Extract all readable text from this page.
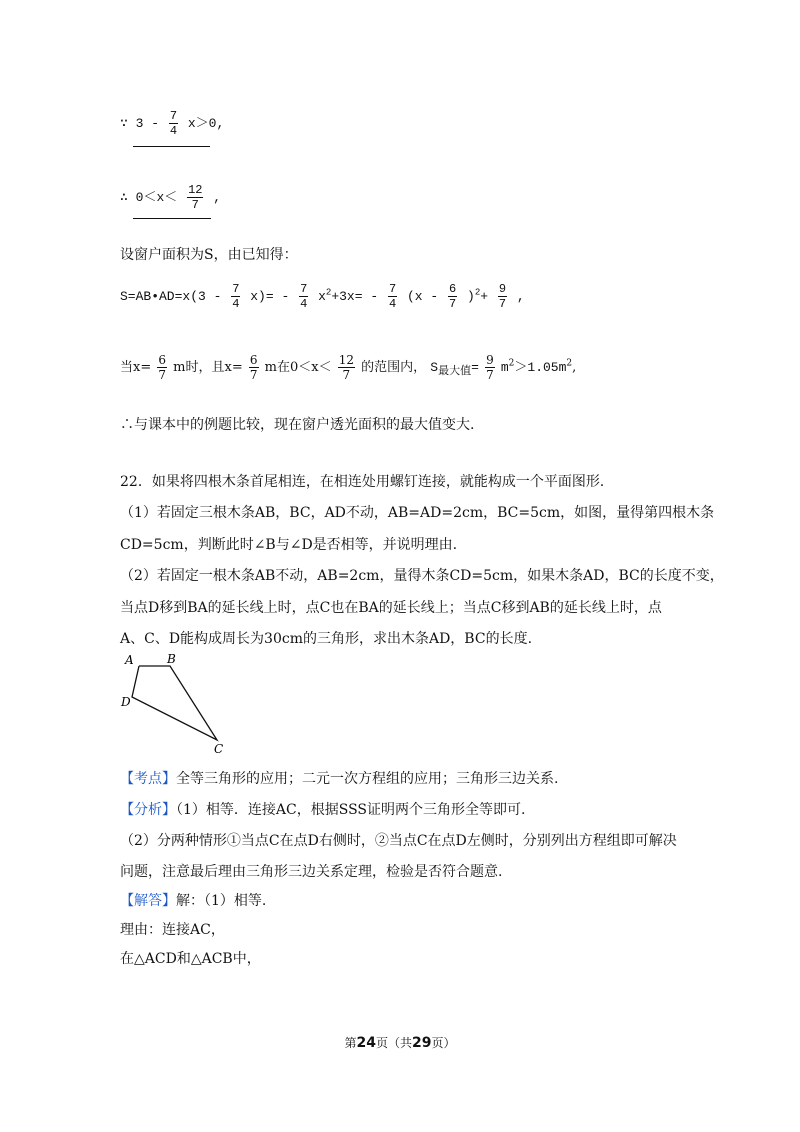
∵ $3 - \frac{7}{4} x>0$,
∴ $0<x< \frac{12}{7}$ ,
设窗户面积为S，由已知得：
S=AB•AD=x(3 - $\frac{7}{4} x)= - \frac{7}{4} x^2+3x= - \frac{7}{4} (x - \frac{6}{7} )^2+ \frac{9}{7}$ ,
当$x= \frac{6}{7}$ m时，且$x= \frac{6}{7}$ m在$0<x< \frac{12}{7}$ 的范围内， $S_{最大值}= \frac{9}{7} m^2>1.05m^2$,
∴与课本中的例题比较，现在窗户透光面积的最大值变大.
22．如果将四根木条首尾相连，在相连处用螺钉连接，就能构成一个平面图形.
（1）若固定三根木条AB，BC，AD不动，AB=AD=2cm，BC=5cm，如图，量得第四根木条
CD=5cm，判断此时∠B与∠D是否相等，并说明理由.
（2）若固定一根木条AB不动，AB=2cm，量得木条CD=5cm，如果木条AD，BC的长度不变，
当点D移到BA的延长线上时，点C也在BA的延长线上；当点C移到AB的延长线上时，点
A、C、D能构成周长为30cm的三角形，求出木条AD，BC的长度.
A	B
D
C
【考点】全等三角形的应用；二元一次方程组的应用；三角形三边关系.
【分析】（1）相等．连接AC，根据SSS证明两个三角形全等即可.
（2）分两种情形①当点C在点D右侧时，②当点C在点D左侧时，分别列出方程组即可解决
问题，注意最后理由三角形三边关系定理，检验是否符合题意.
【解答】解：（1）相等.
理由：连接AC，
在△ACD和△ACB中，
第24页（共29页）
